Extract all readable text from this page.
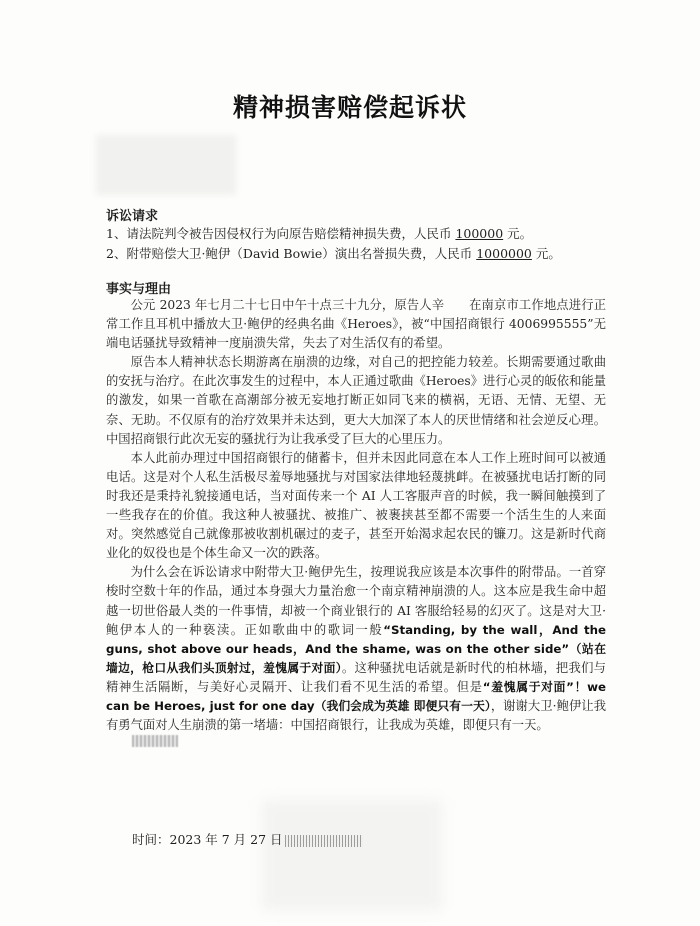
精神损害赔偿起诉状
诉讼请求
1、请法院判令被告因侵权行为向原告赔偿精神损失费，人民币 100000 元。
2、附带赔偿大卫·鲍伊（David Bowie）演出名誉损失费，人民币 1000000 元。
事实与理由

公元 2023 年七月二十七日中午十点三十九分，原告人辛　　在南京市工作地点进行正常工作且耳机中播放大卫·鲍伊的经典名曲《Heroes》，被“中国招商银行 4006995555”无端电话骚扰导致精神一度崩溃失常，失去了对生活仅有的希望。

原告本人精神状态长期游离在崩溃的边缘，对自己的把控能力较差。长期需要通过歌曲的安抚与治疗。在此次事发生的过程中，本人正通过歌曲《Heroes》进行心灵的皈依和能量的激发，如果一首歌在高潮部分被无妄地打断正如同飞来的横祸，无语、无情、无望、无奈、无助。不仅原有的治疗效果并未达到，更大大加深了本人的厌世情绪和社会逆反心理。中国招商银行此次无妄的骚扰行为让我承受了巨大的心里压力。

本人此前办理过中国招商银行的储蓄卡，但并未因此同意在本人工作上班时间可以被通电话。这是对个人私生活极尽羞辱地骚扰与对国家法律地轻蔑挑衅。在被骚扰电话打断的同时我还是秉持礼貌接通电话，当对面传来一个 AI 人工客服声音的时候，我一瞬间触摸到了一些我存在的价值。我这种人被骚扰、被推广、被裹挟甚至都不需要一个活生生的人来面对。突然感觉自己就像那被收割机碾过的麦子，甚至开始渴求起农民的镰刀。这是新时代商业化的奴役也是个体生命又一次的跌落。

为什么会在诉讼请求中附带大卫·鲍伊先生，按理说我应该是本次事件的附带品。一首穿梭时空数十年的作品，通过本身强大力量治愈一个南京精神崩溃的人。这本应是我生命中超越一切世俗最人类的一件事情，却被一个商业银行的 AI 客服给轻易的幻灭了。这是对大卫·鲍伊本人的一种亵渎。正如歌曲中的歌词一般“Standing, by the wall，And the guns, shot above our heads，And the shame, was on the other side”（站在墙边，枪口从我们头顶射过，羞愧属于对面）。这种骚扰电话就是新时代的柏林墙，把我们与精神生活隔断，与美好心灵隔开、让我们看不见生活的希望。但是“羞愧属于对面”！we can be Heroes, just for one day（我们会成为英雄 即便只有一天），谢谢大卫·鲍伊让我有勇气面对人生崩溃的第一堵墙：中国招商银行，让我成为英雄，即便只有一天。

时间：2023 年 7 月 27 日
